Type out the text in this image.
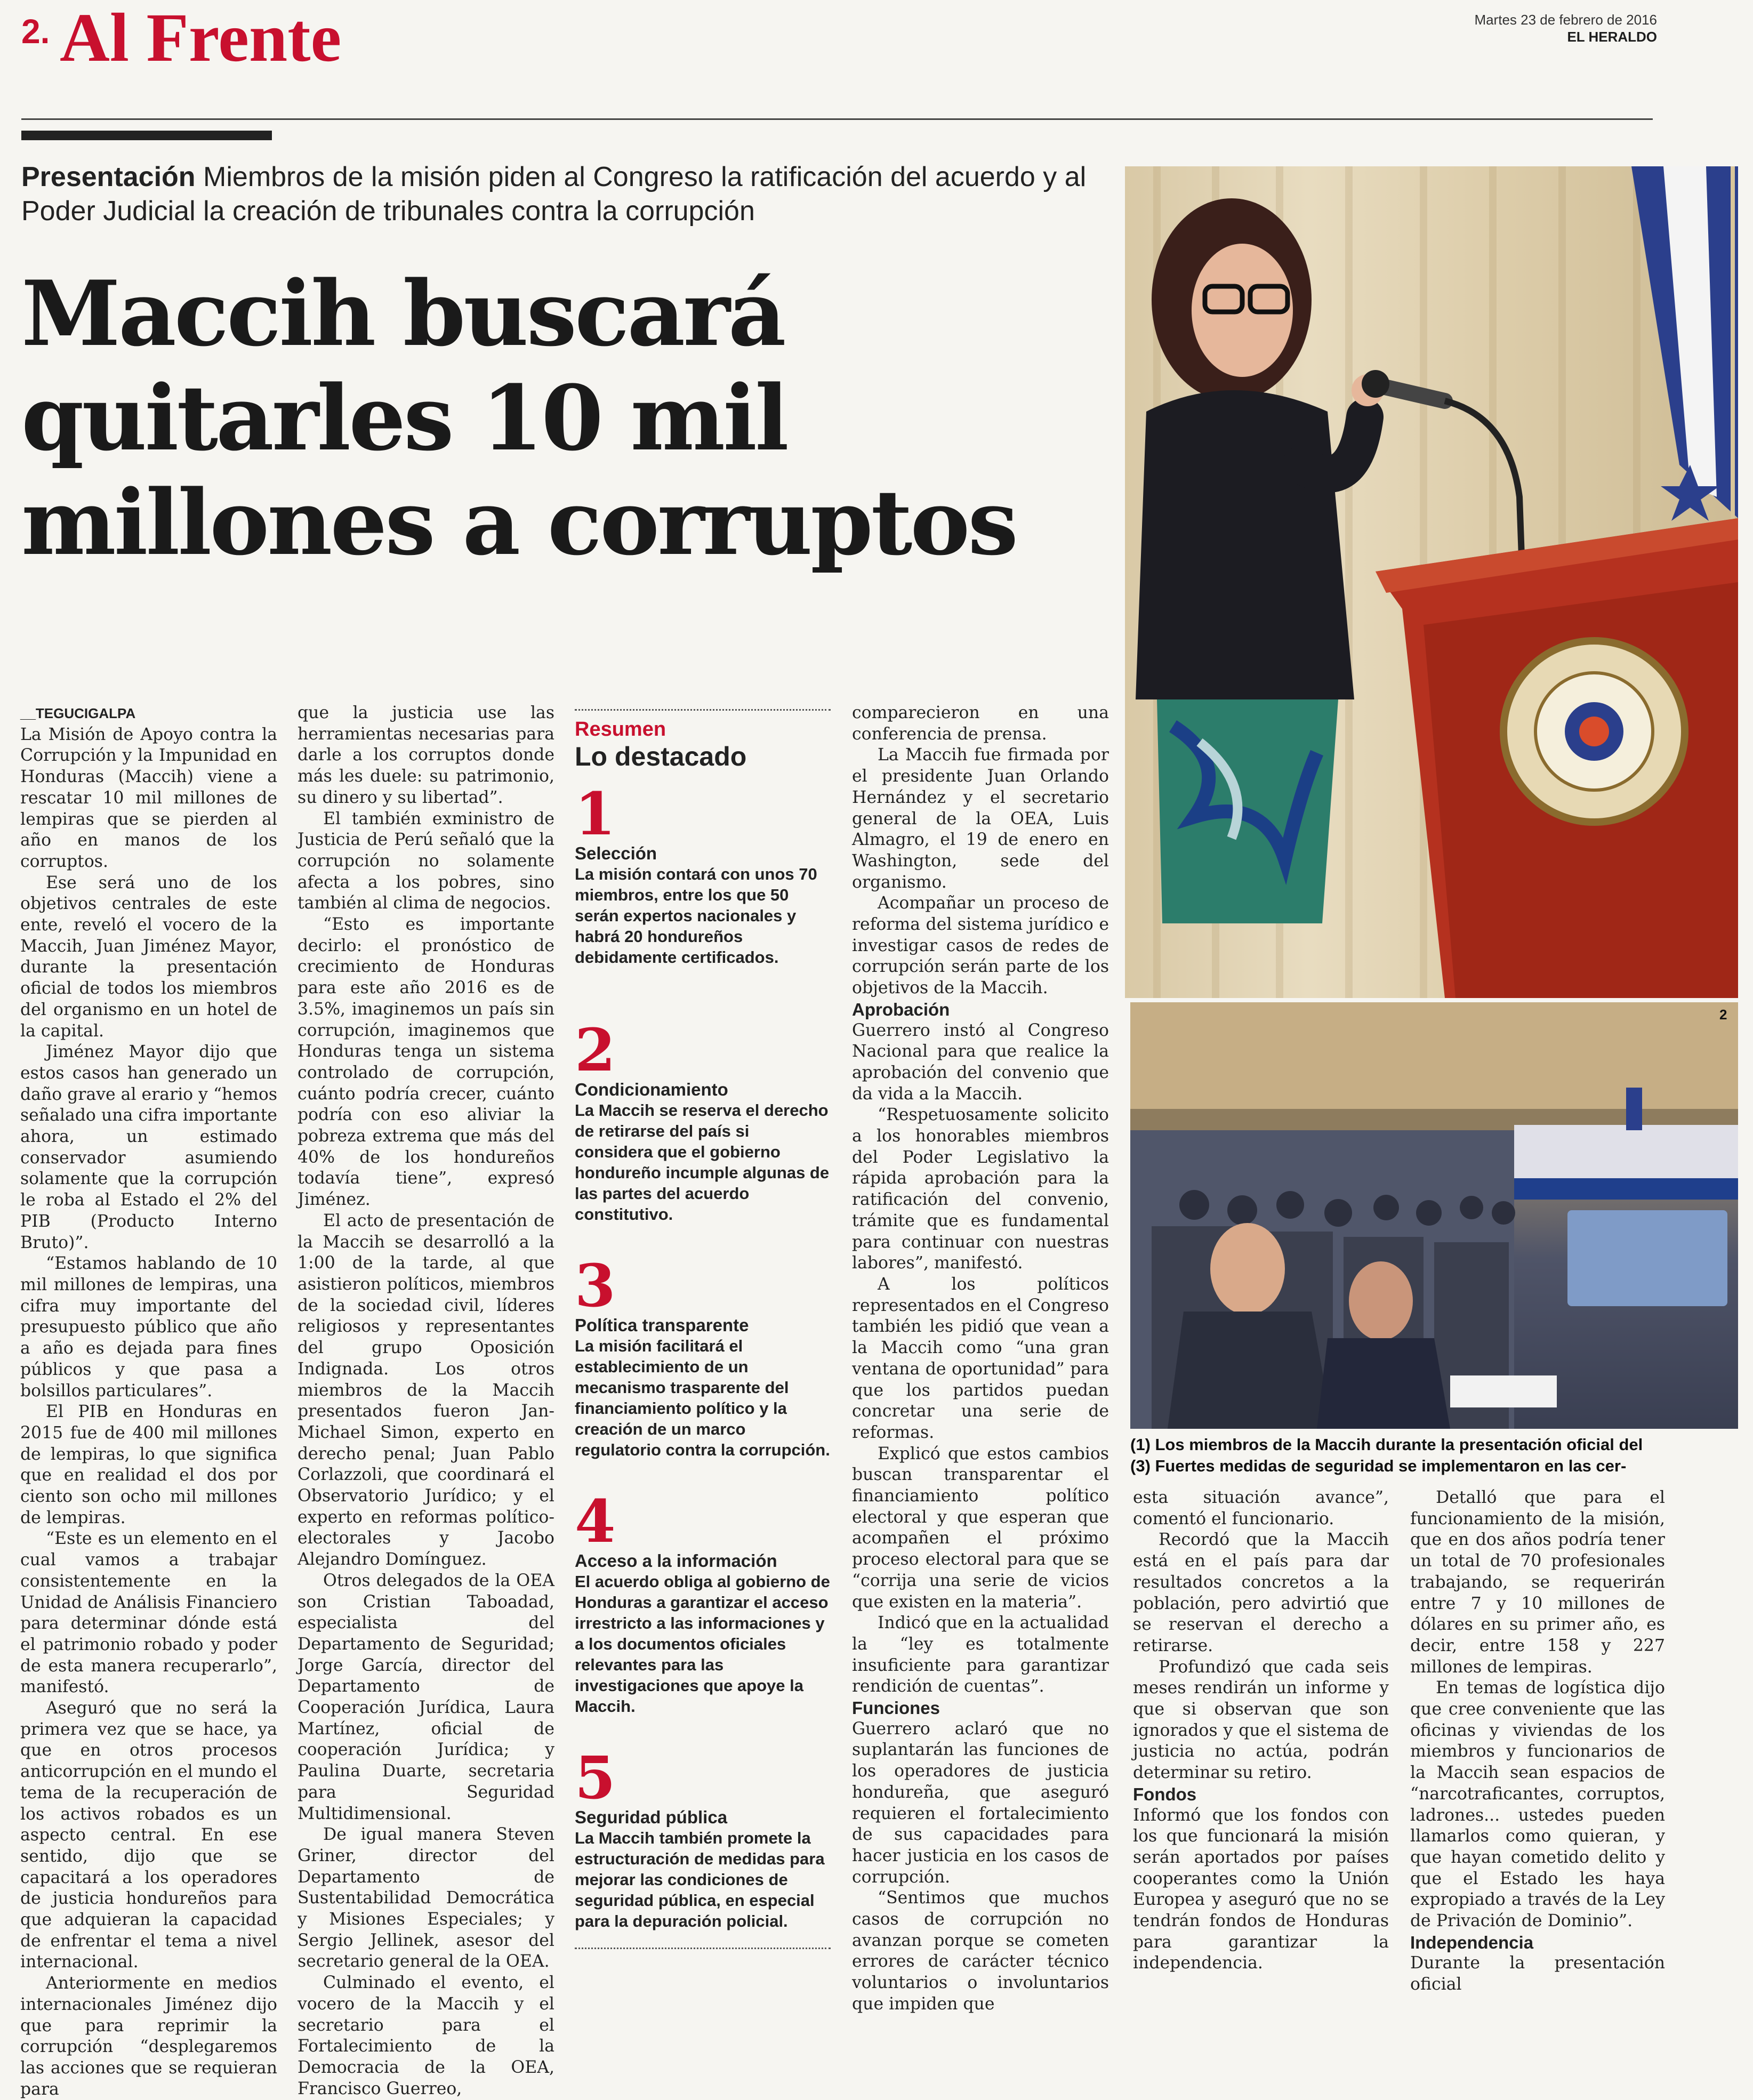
2. Al Frente	Martes 23 de febrero de 2016
EL HERALDO
Presentación Miembros de la misión piden al Congreso la ratificación del acuerdo y al Poder Judicial la creación de tribunales contra la corrupción
Maccih buscará quitarles 10 mil millones a corruptos
2
(1) Los miembros de la Maccih durante la presentación oficial del
(3) Fuertes medidas de seguridad se implementaron en las cer-

__TEGUCIGALPA

La Misión de Apoyo contra la Corrupción y la Impunidad en Honduras (Maccih) viene a rescatar 10 mil millones de lempiras que se pierden al año en manos de los corruptos.

Ese será uno de los objetivos centrales de este ente, reveló el vocero de la Maccih, Juan Jiménez Mayor, durante la presentación oficial de todos los miembros del organismo en un hotel de la capital.

Jiménez Mayor dijo que estos casos han generado un daño grave al erario y “hemos señalado una cifra importante ahora, un estimado conservador asumiendo solamente que la corrupción le roba al Estado el 2% del PIB (Producto Interno Bruto)”.

“Estamos hablando de 10 mil millones de lempiras, una cifra muy importante del presupuesto público que año a año es dejada para fines públicos y que pasa a bolsillos particulares”.

El PIB en Honduras en 2015 fue de 400 mil millones de lempiras, lo que significa que en realidad el dos por ciento son ocho mil millones de lempiras.

“Este es un elemento en el cual vamos a trabajar consistentemente en la Unidad de Análisis Financiero para determinar dónde está el patrimonio robado y poder de esta manera recuperarlo”, manifestó.

Aseguró que no será la primera vez que se hace, ya que en otros procesos anticorrupción en el mundo el tema de la recuperación de los activos robados es un aspecto central. En ese sentido, dijo que se capacitará a los operadores de justicia hondureños para que adquieran la capacidad de enfrentar el tema a nivel internacional.

Anteriormente en medios internacionales Jiménez dijo que para reprimir la corrupción “desplegaremos las acciones que se requieran para

que la justicia use las herramientas necesarias para darle a los corruptos donde más les duele: su patrimonio, su dinero y su libertad”.

El también exministro de Justicia de Perú señaló que la corrupción no solamente afecta a los pobres, sino también al clima de negocios.

“Esto es importante decirlo: el pronóstico de crecimiento de Honduras para este año 2016 es de 3.5%, imaginemos un país sin corrupción, imaginemos que Honduras tenga un sistema controlado de corrupción, cuánto podría crecer, cuánto podría con eso aliviar la pobreza extrema que más del 40% de los hondureños todavía tiene”, expresó Jiménez.

El acto de presentación de la Maccih se desarrolló a la 1:00 de la tarde, al que asistieron políticos, miembros de la sociedad civil, líderes religiosos y representantes del grupo Oposición Indignada. Los otros miembros de la Maccih presentados fueron Jan-Michael Simon, experto en derecho penal; Juan Pablo Corlazzoli, que coordinará el Observatorio Jurídico; y el experto en reformas político-electorales y Jacobo Alejandro Domínguez.

Otros delegados de la OEA son Cristian Taboadad, especialista del Departamento de Seguridad; Jorge García, director del Departamento de Cooperación Jurídica, Laura Martínez, oficial de cooperación Jurídica; y Paulina Duarte, secretaria para Seguridad Multidimensional.

De igual manera Steven Griner, director del Departamento de Sustentabilidad Democrática y Misiones Especiales; y Sergio Jellinek, asesor del secretario general de la OEA.

Culminado el evento, el vocero de la Maccih y el secretario para el Fortalecimiento de la Democracia de la OEA, Francisco Guerreo,

Resumen
Lo destacado
1
Selección
La misión contará con unos 70 miembros, entre los que 50 serán expertos nacionales y habrá 20 hondureños debidamente certificados.
2
Condicionamiento
La Maccih se reserva el derecho de retirarse del país si considera que el gobierno hondureño incumple algunas de las partes del acuerdo constitutivo.
3
Política transparente
La misión facilitará el establecimiento de un mecanismo trasparente del financiamiento político y la creación de un marco regulatorio contra la corrupción.
4
Acceso a la información
El acuerdo obliga al gobierno de Honduras a garantizar el acceso irrestricto a las informaciones y a los documentos oficiales relevantes para las investigaciones que apoye la Maccih.
5
Seguridad pública
La Maccih también promete la estructuración de medidas para mejorar las condiciones de seguridad pública, en especial para la depuración policial.

comparecieron en una conferencia de prensa.

La Maccih fue firmada por el presidente Juan Orlando Hernández y el secretario general de la OEA, Luis Almagro, el 19 de enero en Washington, sede del organismo.

Acompañar un proceso de reforma del sistema jurídico e investigar casos de redes de corrupción serán parte de los objetivos de la Maccih.

Aprobación

Guerrero instó al Congreso Nacional para que realice la aprobación del convenio que da vida a la Maccih.

“Respetuosamente solicito a los honorables miembros del Poder Legislativo la rápida aprobación para la ratificación del convenio, trámite que es fundamental para continuar con nuestras labores”, manifestó.

A los políticos representados en el Congreso también les pidió que vean a la Maccih como “una gran ventana de oportunidad” para que los partidos puedan concretar una serie de reformas.

Explicó que estos cambios buscan transparentar el financiamiento político electoral y que esperan que acompañen el próximo proceso electoral para que se “corrija una serie de vicios que existen en la materia”.

Indicó que en la actualidad la “ley es totalmente insuficiente para garantizar rendición de cuentas”.

Funciones

Guerrero aclaró que no suplantarán las funciones de los operadores de justicia hondureña, que aseguró requieren el fortalecimiento de sus capacidades para hacer justicia en los casos de corrupción.

“Sentimos que muchos casos de corrupción no avanzan porque se cometen errores de carácter técnico voluntarios o involuntarios que impiden que

esta situación avance”, comentó el funcionario.

Recordó que la Maccih está en el país para dar resultados concretos a la población, pero advirtió que se reservan el derecho a retirarse.

Profundizó que cada seis meses rendirán un informe y que si observan que son ignorados y que el sistema de justicia no actúa, podrán determinar su retiro.

Fondos

Informó que los fondos con los que funcionará la misión serán aportados por países cooperantes como la Unión Europea y aseguró que no se tendrán fondos de Honduras para garantizar la independencia.

Detalló que para el funcionamiento de la misión, que en dos años podría tener un total de 70 profesionales trabajando, se requerirán entre 7 y 10 millones de dólares en su primer año, es decir, entre 158 y 227 millones de lempiras.

En temas de logística dijo que cree conveniente que las oficinas y viviendas de los miembros y funcionarios de la Maccih sean espacios de “narcotraficantes, corruptos, ladrones... ustedes pueden llamarlos como quieran, y que hayan cometido delito y que el Estado les haya expropiado a través de la Ley de Privación de Dominio”.

Independencia

Durante la presentación oficial
